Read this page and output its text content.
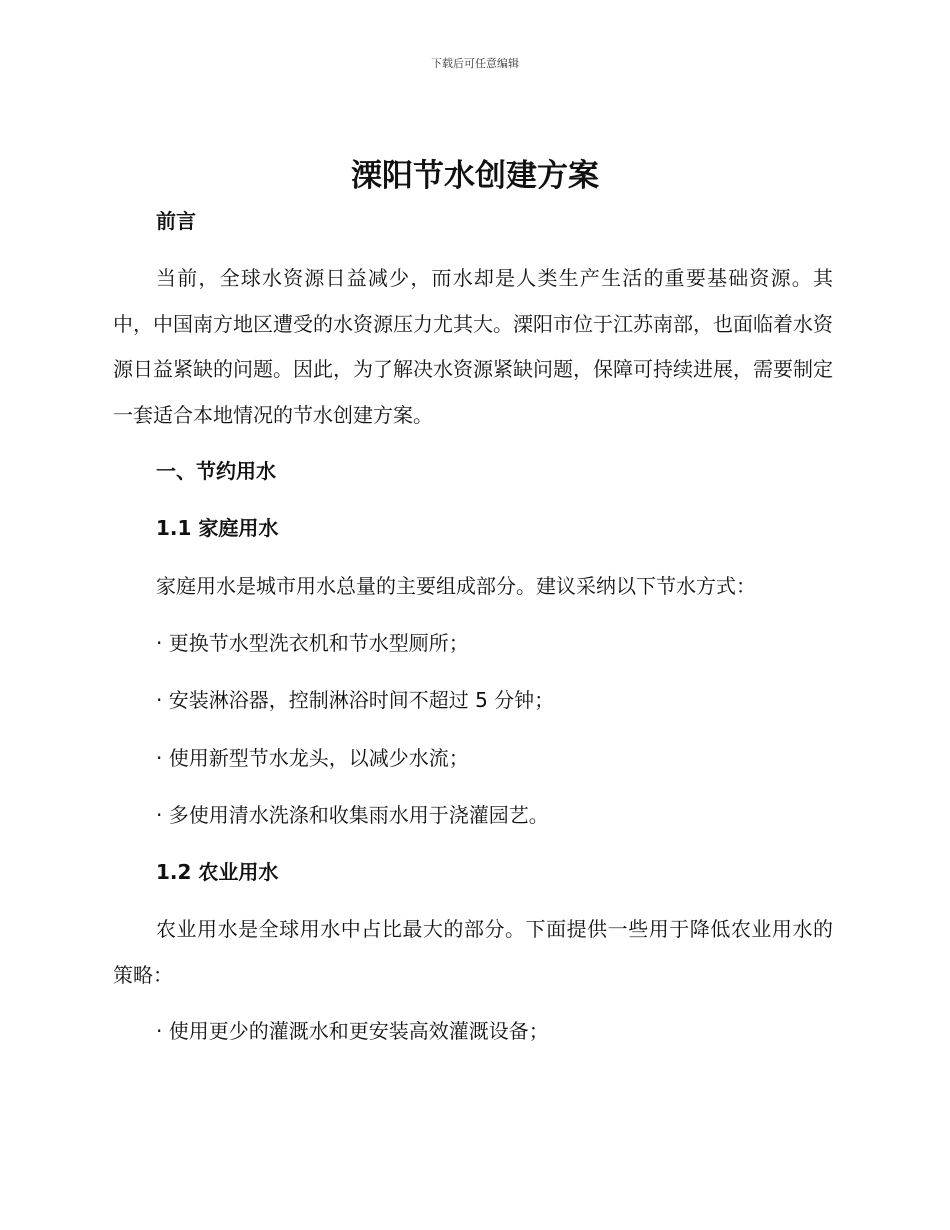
下载后可任意编辑
溧阳节水创建方案
前言
当前，全球水资源日益减少，而水却是人类生产生活的重要基础资源。其中，中国南方地区遭受的水资源压力尤其大。溧阳市位于江苏南部，也面临着水资源日益紧缺的问题。因此，为了解决水资源紧缺问题，保障可持续进展，需要制定一套适合本地情况的节水创建方案。
一、节约用水
1.1 家庭用水
家庭用水是城市用水总量的主要组成部分。建议采纳以下节水方式：
· 更换节水型洗衣机和节水型厕所；
· 安装淋浴器，控制淋浴时间不超过 5 分钟；
· 使用新型节水龙头，以减少水流；
· 多使用清水洗涤和收集雨水用于浇灌园艺。
1.2 农业用水
农业用水是全球用水中占比最大的部分。下面提供一些用于降低农业用水的策略：
· 使用更少的灌溉水和更安装高效灌溉设备；
